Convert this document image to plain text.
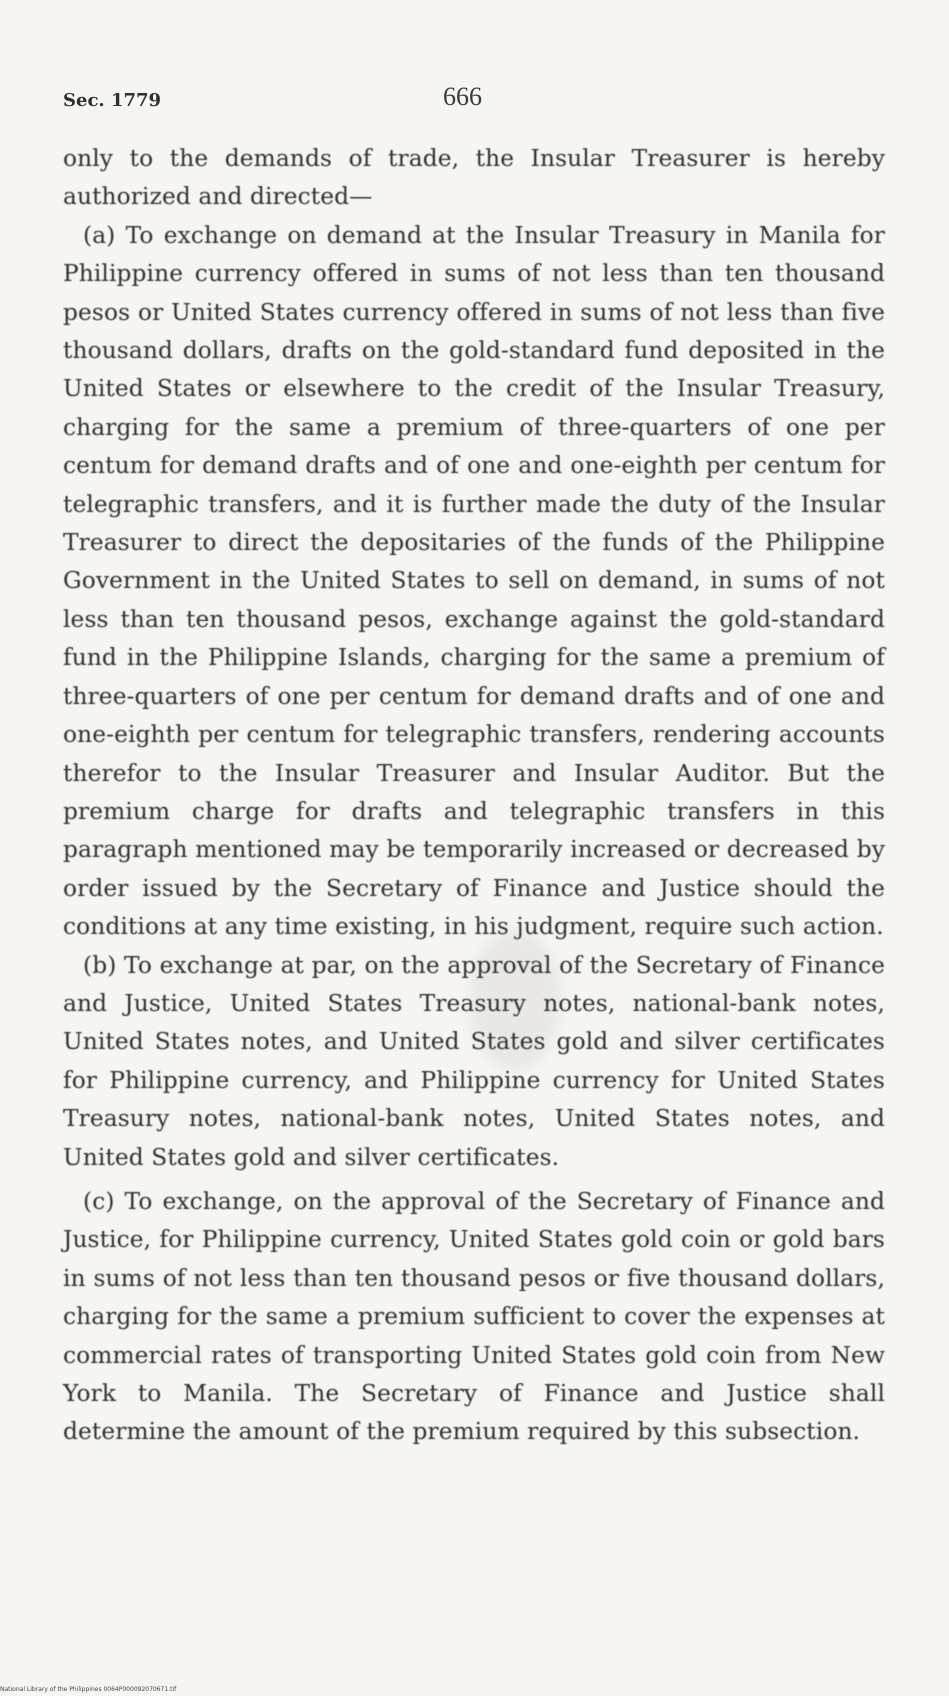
Sec. 1779	666

only to the demands of trade, the Insular Treasurer is hereby authorized and directed—

(a) To exchange on demand at the Insular Treasury in Manila for Philippine currency offered in sums of not less than ten thousand pesos or United States currency offered in sums of not less than five thousand dollars, drafts on the gold-standard fund deposited in the United States or elsewhere to the credit of the Insular Treasury, charging for the same a premium of three-quarters of one per centum for demand drafts and of one and one-eighth per centum for telegraphic transfers, and it is further made the duty of the Insular Treasurer to direct the depositaries of the funds of the Philippine Government in the United States to sell on demand, in sums of not less than ten thousand pesos, exchange against the gold-standard fund in the Philippine Islands, charging for the same a premium of three-quarters of one per centum for demand drafts and of one and one-eighth per centum for telegraphic transfers, rendering accounts therefor to the Insular Treasurer and Insular Auditor. But the premium charge for drafts and telegraphic transfers in this paragraph mentioned may be temporarily increased or decreased by order issued by the Secretary of Finance and Justice should the conditions at any time existing, in his judgment, require such action.

(b) To exchange at par, on the approval of the Secretary of Finance and Justice, United States Treasury notes, national-bank notes, United States notes, and United States gold and silver certificates for Philippine currency, and Philippine currency for United States Treasury notes, national-bank notes, United States notes, and United States gold and silver certificates.

(c) To exchange, on the approval of the Secretary of Finance and Justice, for Philippine currency, United States gold coin or gold bars in sums of not less than ten thousand pesos or five thousand dollars, charging for the same a premium sufficient to cover the expenses at commercial rates of transporting United States gold coin from New York to Manila. The Secretary of Finance and Justice shall determine the amount of the premium required by this subsection.

National Library of the Philippines 0064P000092070671.tif
